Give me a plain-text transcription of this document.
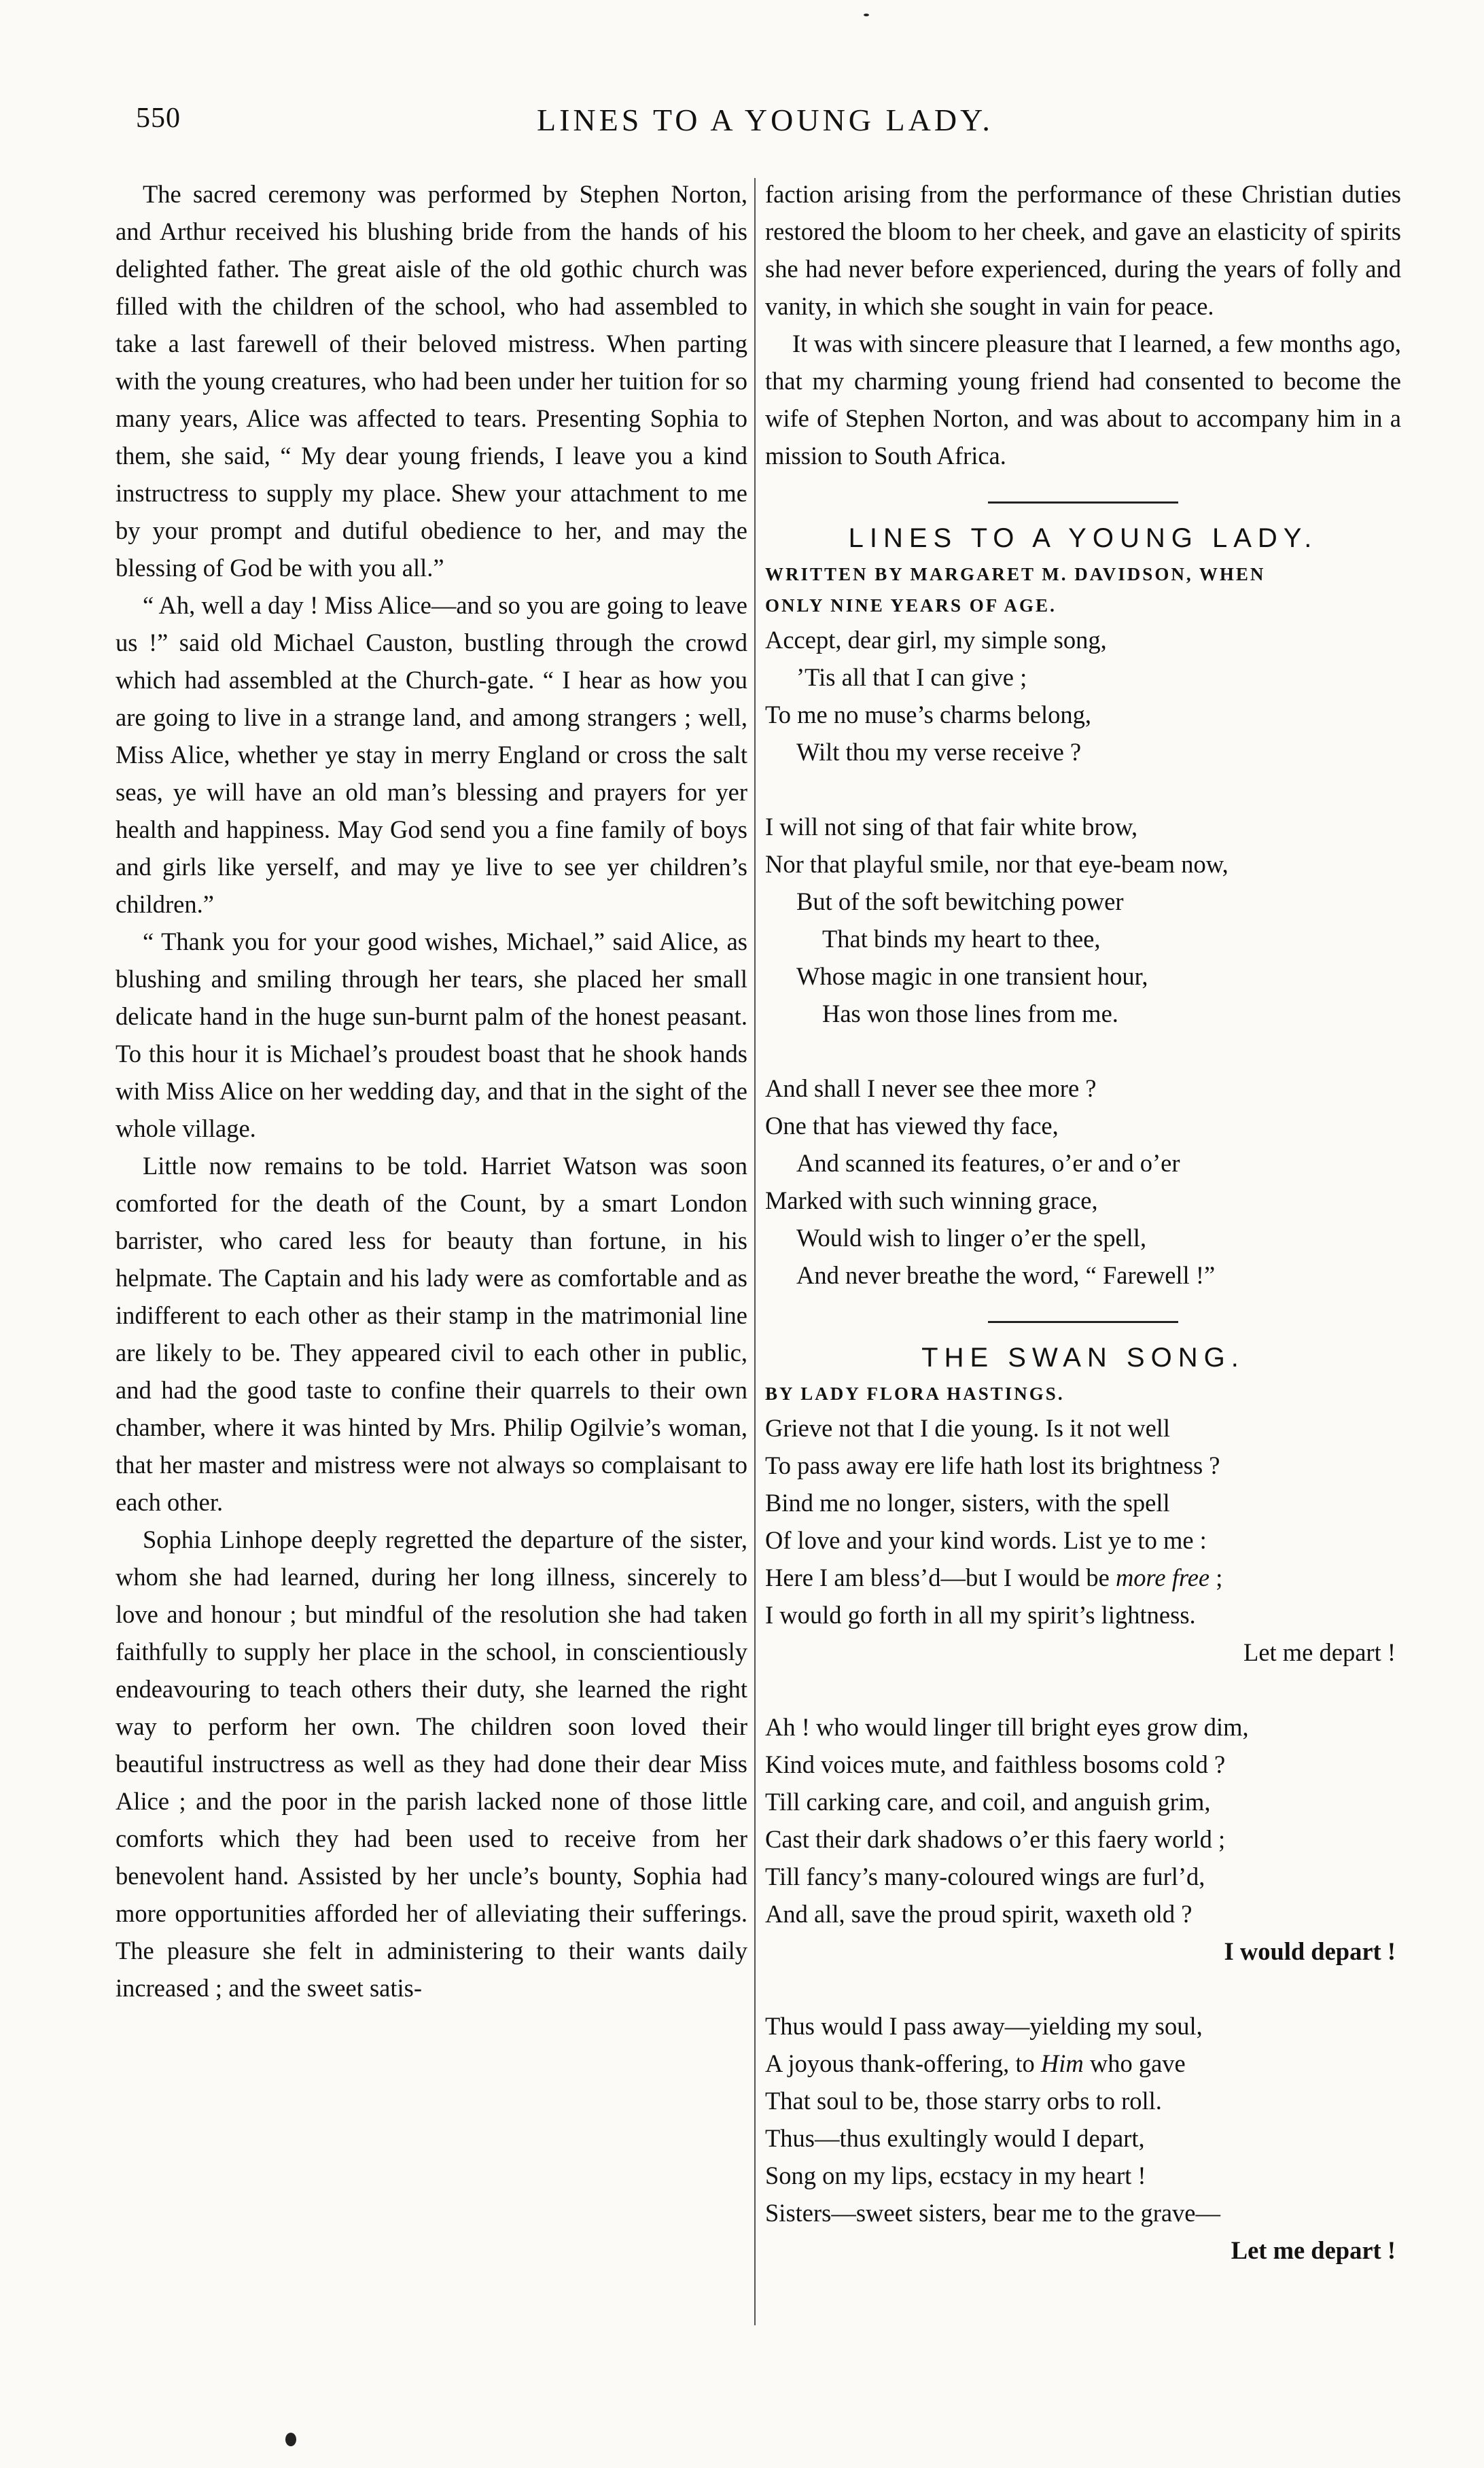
550	LINES TO A YOUNG LADY.

The sacred ceremony was performed by Stephen Norton, and Arthur received his blushing bride from the hands of his delighted father. The great aisle of the old gothic church was filled with the children of the school, who had assembled to take a last farewell of their beloved mistress. When parting with the young creatures, who had been under her tuition for so many years, Alice was affected to tears. Presenting Sophia to them, she said, “ My dear young friends, I leave you a kind instructress to supply my place. Shew your attachment to me by your prompt and dutiful obedience to her, and may the blessing of God be with you all.”

“ Ah, well a day ! Miss Alice—and so you are going to leave us !” said old Michael Causton, bustling through the crowd which had assembled at the Church-gate. “ I hear as how you are going to live in a strange land, and among strangers ; well, Miss Alice, whether ye stay in merry England or cross the salt seas, ye will have an old man’s blessing and prayers for yer health and happiness. May God send you a fine family of boys and girls like yerself, and may ye live to see yer children’s children.”

“ Thank you for your good wishes, Michael,” said Alice, as blushing and smiling through her tears, she placed her small delicate hand in the huge sun-burnt palm of the honest peasant. To this hour it is Michael’s proudest boast that he shook hands with Miss Alice on her wedding day, and that in the sight of the whole village.

Little now remains to be told. Harriet Watson was soon comforted for the death of the Count, by a smart London barrister, who cared less for beauty than fortune, in his helpmate. The Captain and his lady were as comfortable and as indifferent to each other as their stamp in the matrimonial line are likely to be. They appeared civil to each other in public, and had the good taste to confine their quarrels to their own chamber, where it was hinted by Mrs. Philip Ogilvie’s woman, that her master and mistress were not always so complaisant to each other.

Sophia Linhope deeply regretted the departure of the sister, whom she had learned, during her long illness, sincerely to love and honour ; but mindful of the resolution she had taken faithfully to supply her place in the school, in conscientiously endeavouring to teach others their duty, she learned the right way to perform her own. The children soon loved their beautiful instructress as well as they had done their dear Miss Alice ; and the poor in the parish lacked none of those little comforts which they had been used to receive from her benevolent hand. Assisted by her uncle’s bounty, Sophia had more opportunities afforded her of alleviating their sufferings. The pleasure she felt in administering to their wants daily increased ; and the sweet satis-

faction arising from the performance of these Christian duties restored the bloom to her cheek, and gave an elasticity of spirits she had never before experienced, during the years of folly and vanity, in which she sought in vain for peace.

It was with sincere pleasure that I learned, a few months ago, that my charming young friend had consented to become the wife of Stephen Norton, and was about to accompany him in a mission to South Africa.

LINES TO A YOUNG LADY.

WRITTEN BY MARGARET M. DAVIDSON, WHEN

ONLY NINE YEARS OF AGE.

Accept, dear girl, my simple song,
’Tis all that I can give ;
To me no muse’s charms belong,
Wilt thou my verse receive ?
I will not sing of that fair white brow,
Nor that playful smile, nor that eye-beam now,
But of the soft bewitching power
That binds my heart to thee,
Whose magic in one transient hour,
Has won those lines from me.
And shall I never see thee more ?
One that has viewed thy face,
And scanned its features, o’er and o’er
Marked with such winning grace,
Would wish to linger o’er the spell,
And never breathe the word, “ Farewell !”
THE SWAN SONG.

BY LADY FLORA HASTINGS.

Grieve not that I die young. Is it not well
To pass away ere life hath lost its brightness ?
Bind me no longer, sisters, with the spell
Of love and your kind words. List ye to me :
Here I am bless’d—but I would be more free ;
I would go forth in all my spirit’s lightness.
Let me depart !
Ah ! who would linger till bright eyes grow dim,
Kind voices mute, and faithless bosoms cold ?
Till carking care, and coil, and anguish grim,
Cast their dark shadows o’er this faery world ;
Till fancy’s many-coloured wings are furl’d,
And all, save the proud spirit, waxeth old ?
I would depart !
Thus would I pass away—yielding my soul,
A joyous thank-offering, to Him who gave
That soul to be, those starry orbs to roll.
Thus—thus exultingly would I depart,
Song on my lips, ecstacy in my heart !
Sisters—sweet sisters, bear me to the grave—
Let me depart !
